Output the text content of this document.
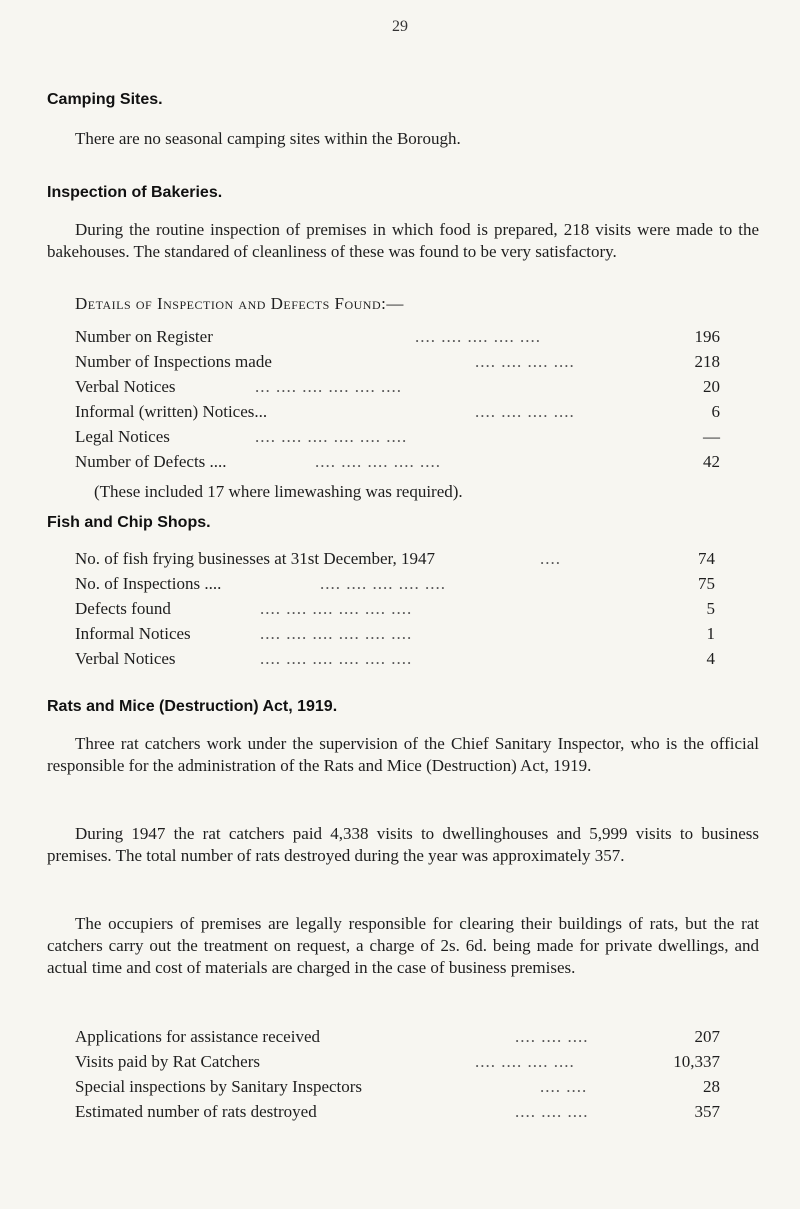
29
Camping Sites.
There are no seasonal camping sites within the Borough.
Inspection of Bakeries.
During the routine inspection of premises in which food is prepared, 218 visits were made to the bakehouses. The standared of cleanliness of these was found to be very satisfactory.
Details of Inspection and Defects Found:—
Number on Register	.... .... .... .... ....	196
Number of Inspections made	.... .... .... ....	218
Verbal Notices	... .... .... .... .... ....	20
Informal (written) Notices...	.... .... .... ....	6
Legal Notices	.... .... .... .... .... ....	—
Number of Defects ....	.... .... .... .... ....	42
(These included 17 where limewashing was required).
Fish and Chip Shops.
No. of fish frying businesses at 31st December, 1947	....	74
No. of Inspections ....	.... .... .... .... ....	75
Defects found	.... .... .... .... .... ....	5
Informal Notices	.... .... .... .... .... ....	1
Verbal Notices	.... .... .... .... .... ....	4
Rats and Mice (Destruction) Act, 1919.
Three rat catchers work under the supervision of the Chief Sanitary Inspector, who is the official responsible for the administration of the Rats and Mice (Destruction) Act, 1919.
During 1947 the rat catchers paid 4,338 visits to dwellinghouses and 5,999 visits to business premises. The total number of rats destroyed during the year was approximately 357.
The occupiers of premises are legally responsible for clearing their buildings of rats, but the rat catchers carry out the treatment on request, a charge of 2s. 6d. being made for private dwellings, and actual time and cost of materials are charged in the case of business premises.
Applications for assistance received	.... .... ....	207
Visits paid by Rat Catchers	.... .... .... ....	10,337
Special inspections by Sanitary Inspectors	.... ....	28
Estimated number of rats destroyed	.... .... ....	357
